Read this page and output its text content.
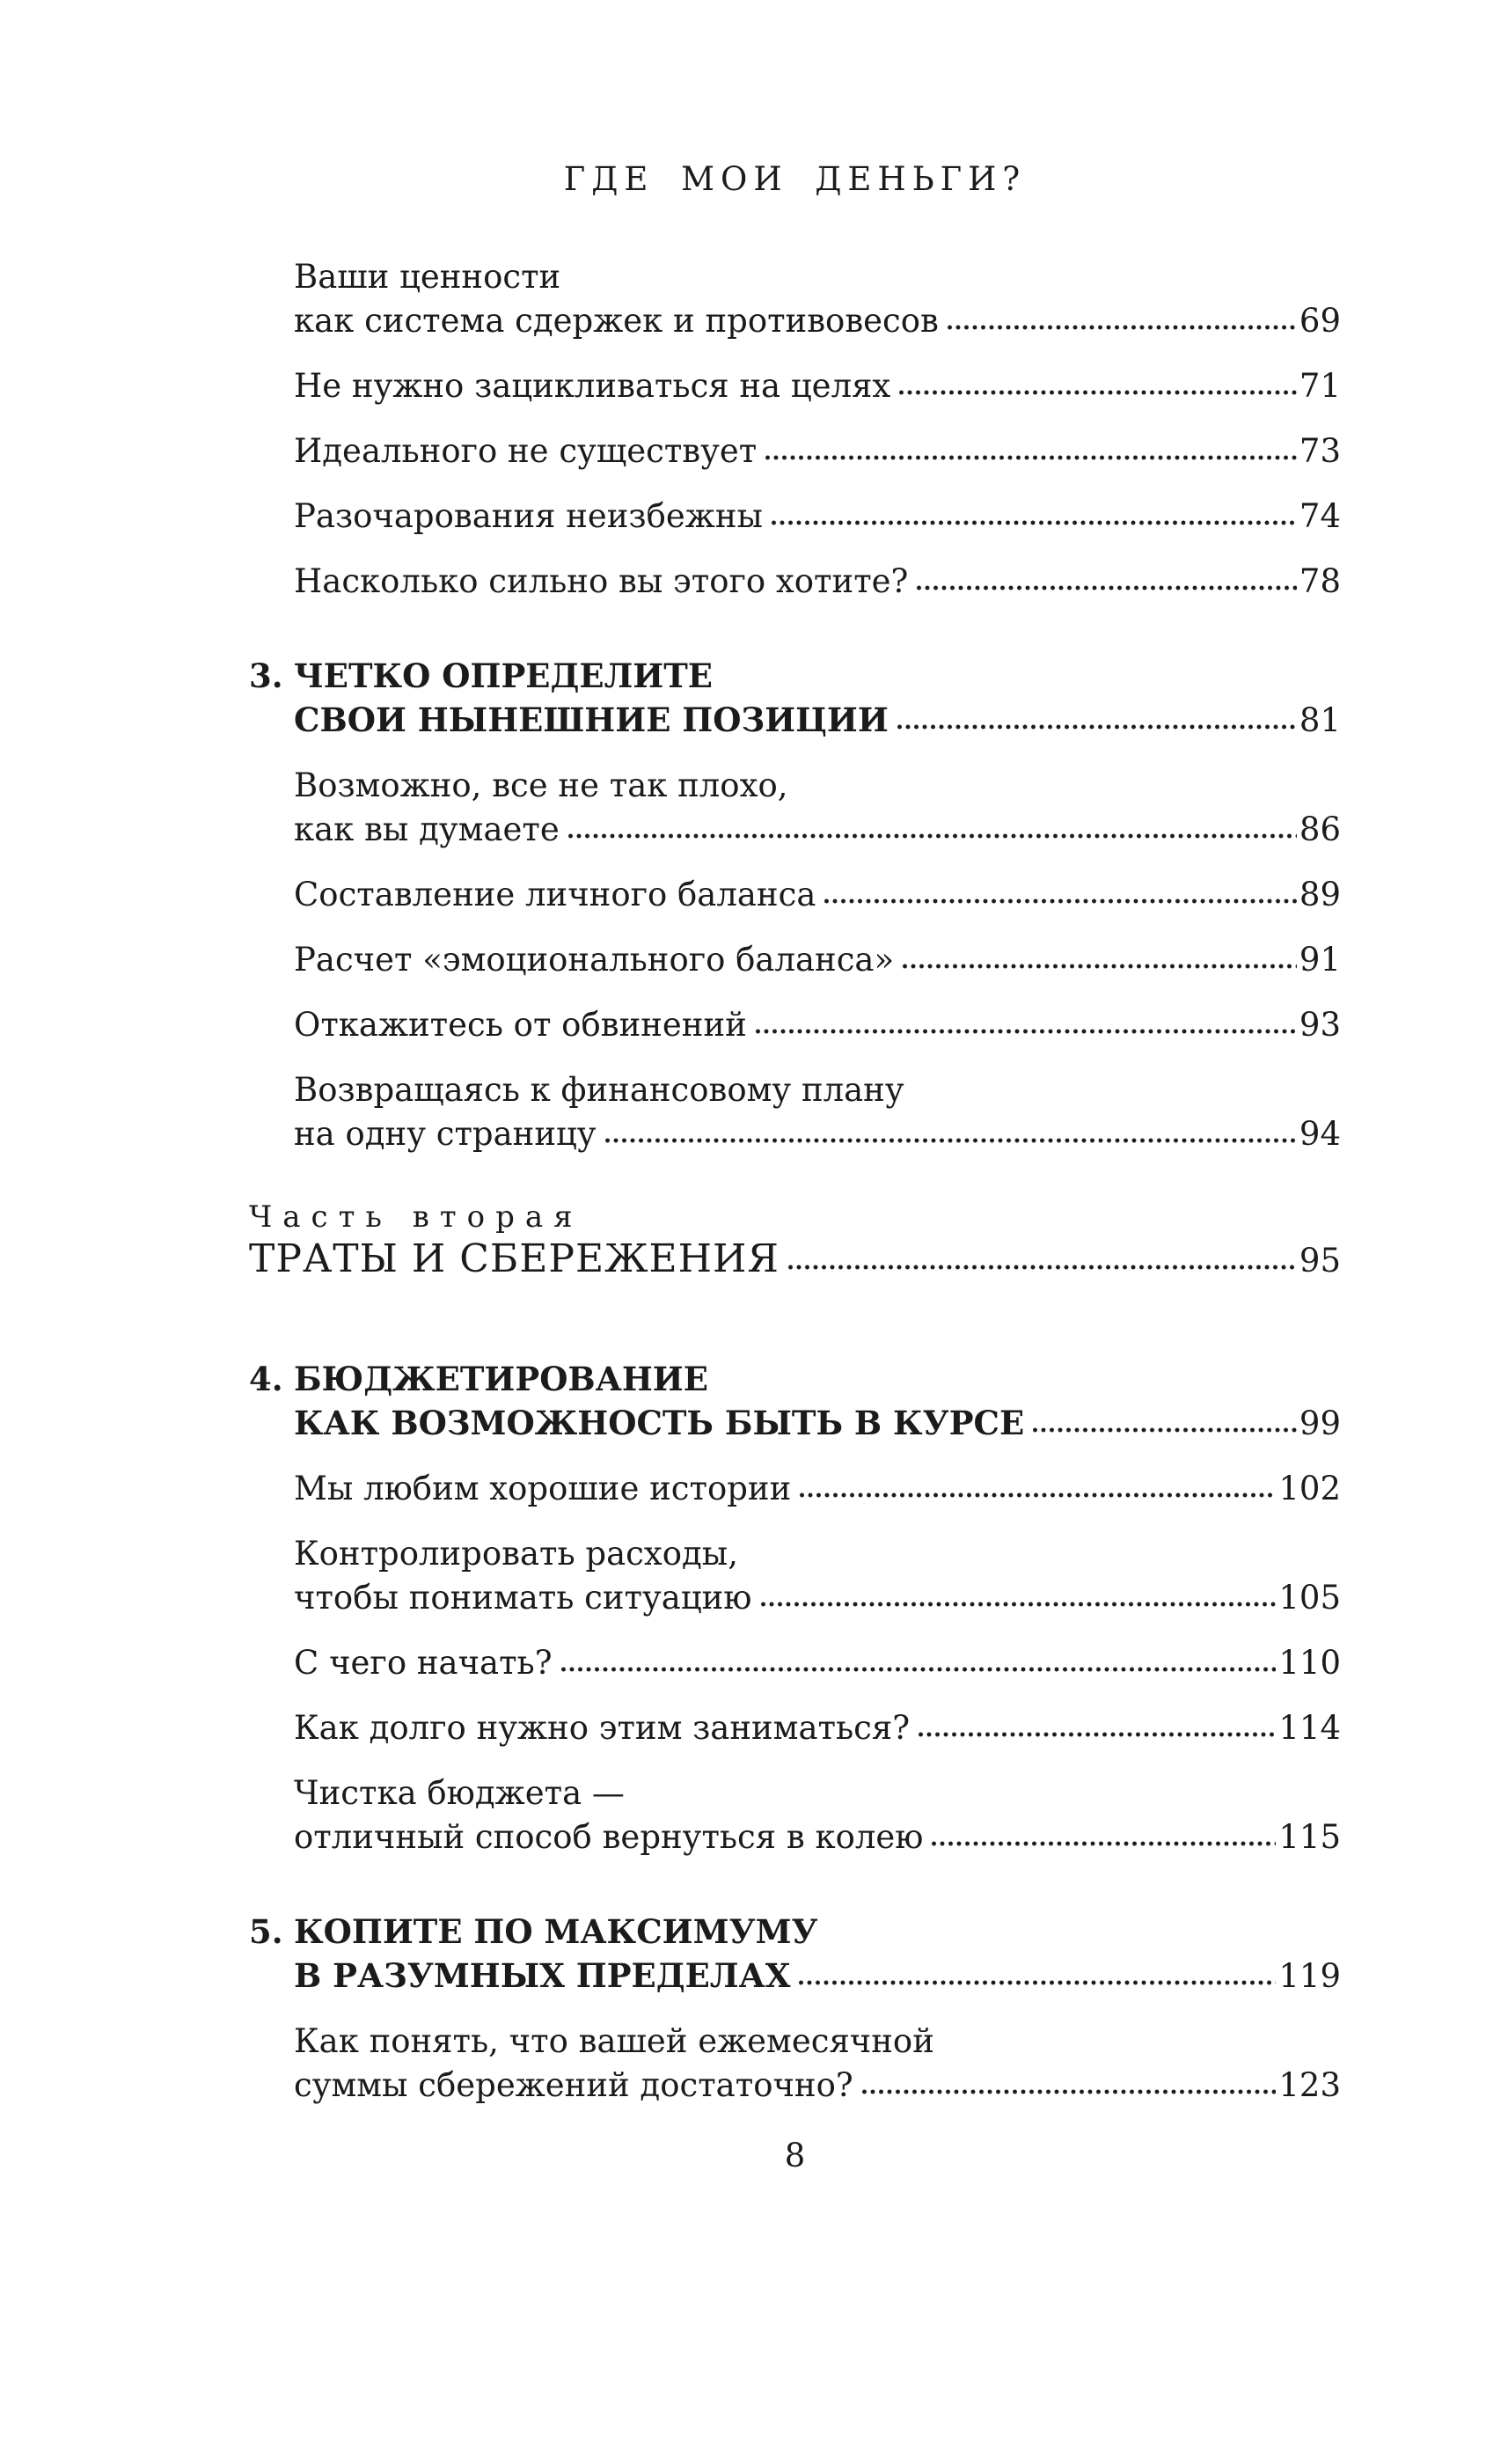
ГДЕ МОИ ДЕНЬГИ?
Ваши ценности
как система сдержек и противовесов	69
Не нужно зацикливаться на целях	71
Идеального не существует	73
Разочарования неизбежны	74
Насколько сильно вы этого хотите?	78
3. ЧЕТКО ОПРЕДЕЛИТЕ
СВОИ НЫНЕШНИЕ ПОЗИЦИИ	81
Возможно, все не так плохо,
как вы думаете	86
Составление личного баланса	89
Расчет «эмоционального баланса»	91
Откажитесь от обвинений	93
Возвращаясь к финансовому плану
на одну страницу	94
Часть вторая
ТРАТЫ И СБЕРЕЖЕНИЯ	95
4. БЮДЖЕТИРОВАНИЕ
КАК ВОЗМОЖНОСТЬ БЫТЬ В КУРСЕ	99
Мы любим хорошие истории	102
Контролировать расходы,
чтобы понимать ситуацию	105
С чего начать?	110
Как долго нужно этим заниматься?	114
Чистка бюджета —
отличный способ вернуться в колею	115
5. КОПИТЕ ПО МАКСИМУМУ
В РАЗУМНЫХ ПРЕДЕЛАХ	119
Как понять, что вашей ежемесячной
суммы сбережений достаточно?	123
8
